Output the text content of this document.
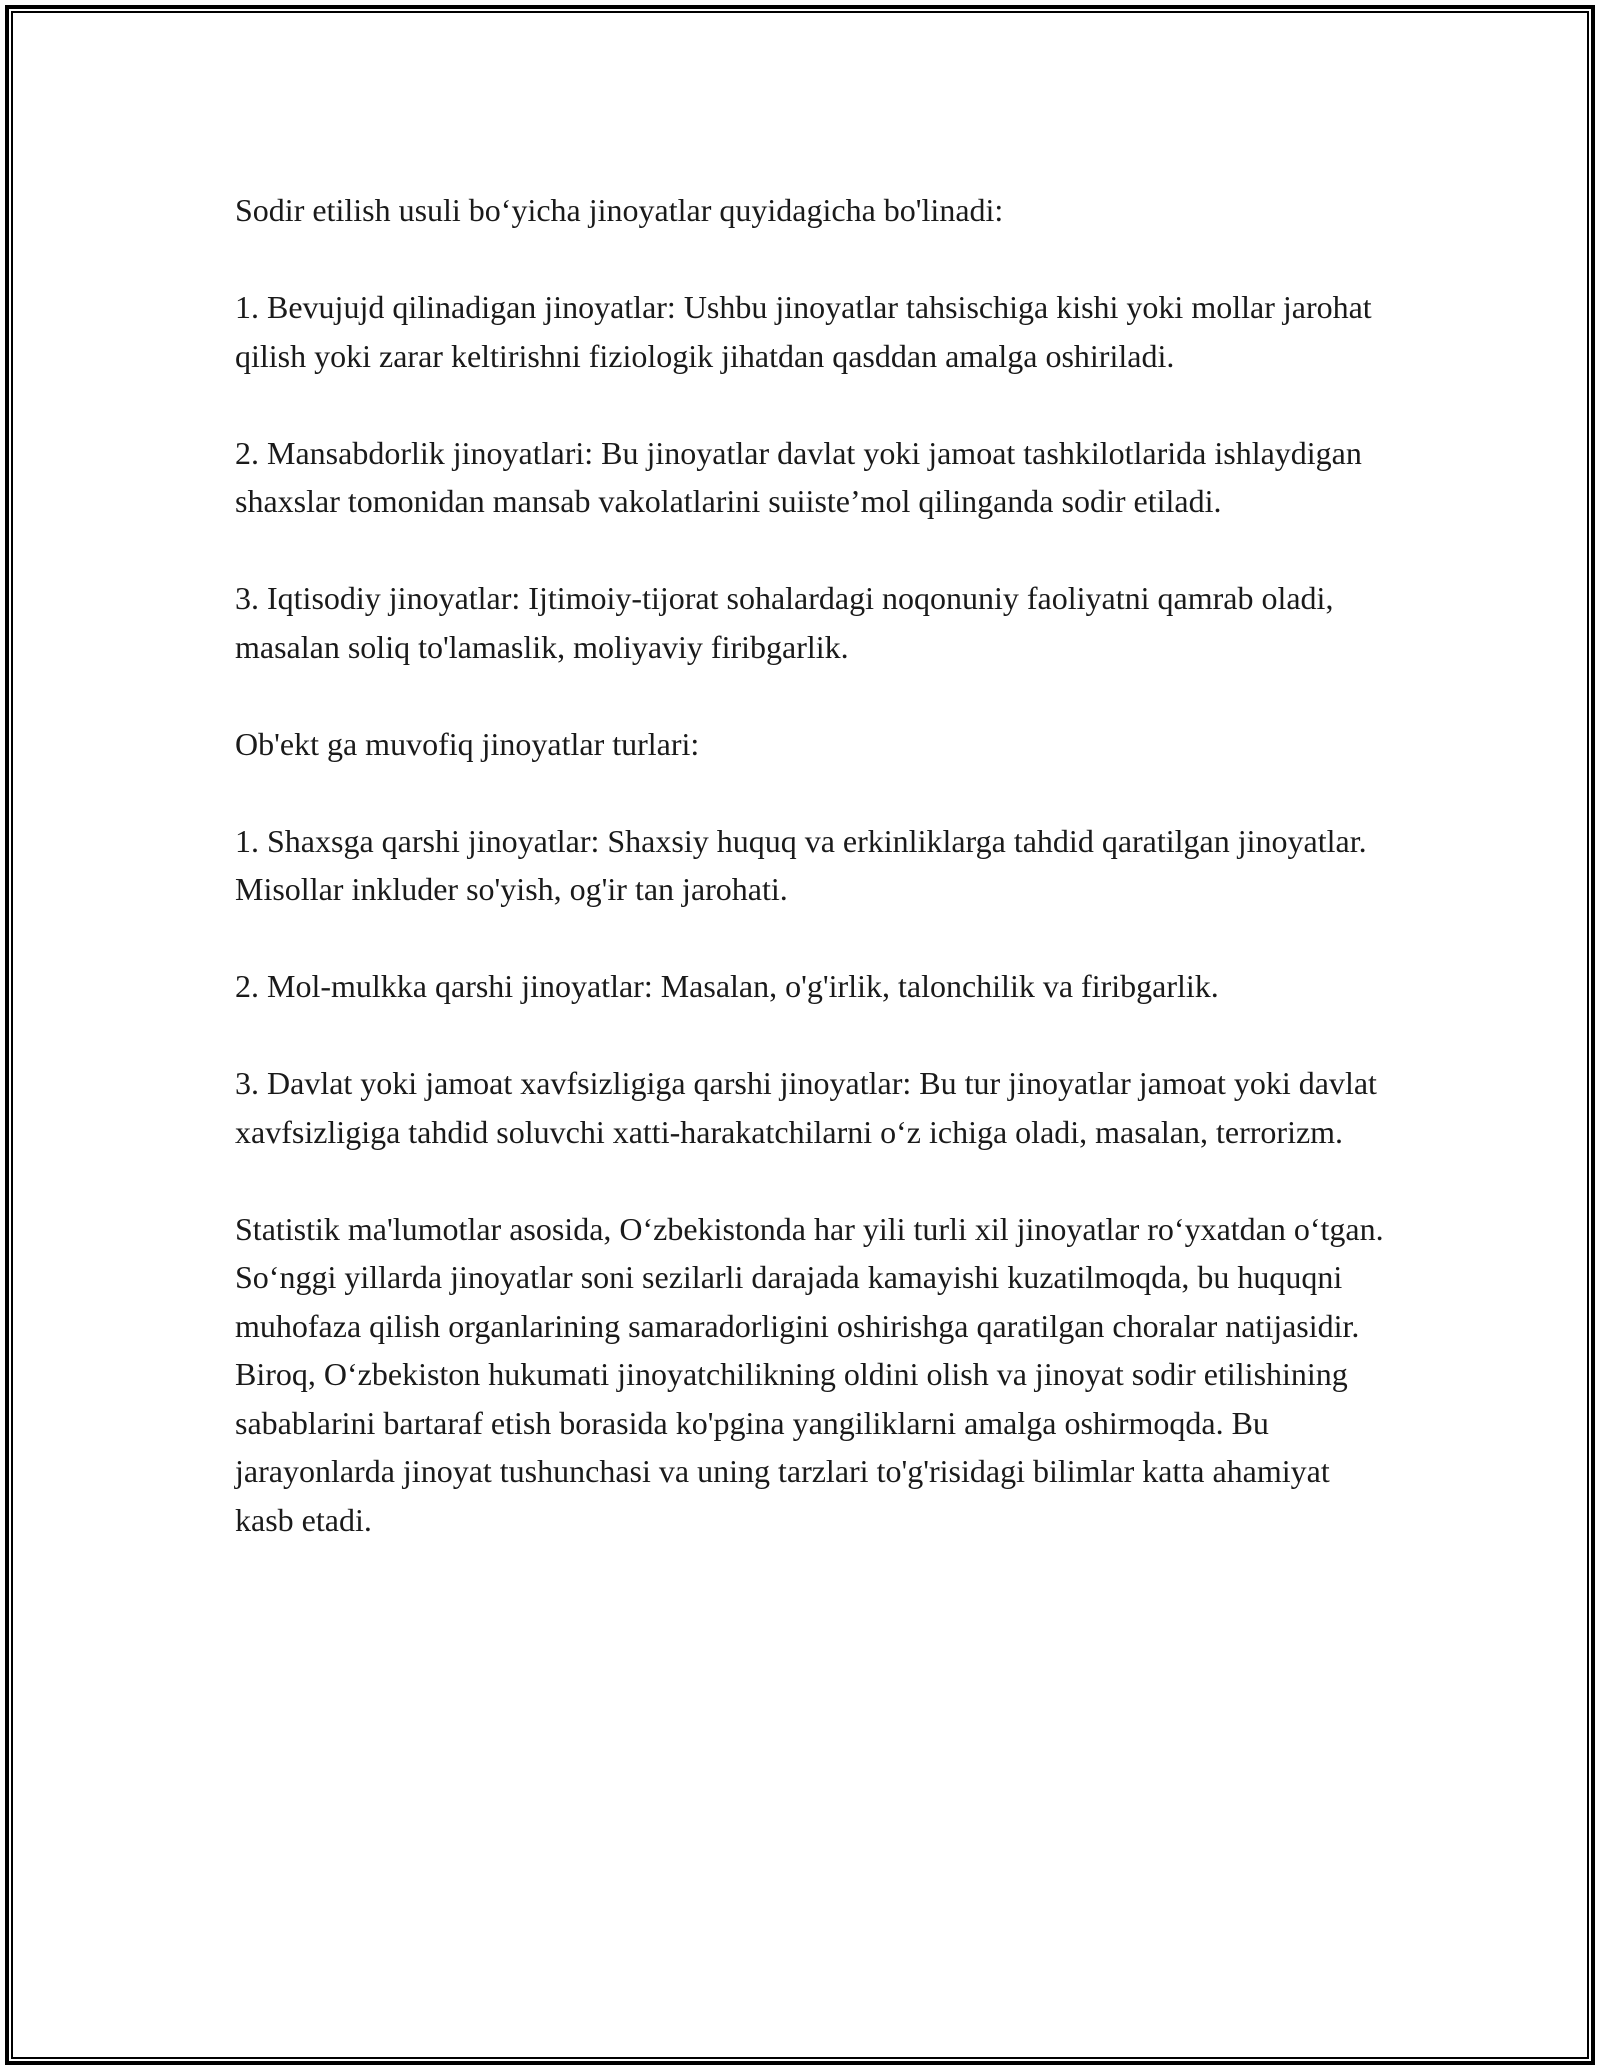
Sodir etilish usuli bo‘yicha jinoyatlar quyidagicha bo'linadi:

1. Bevujujd qilinadigan jinoyatlar: Ushbu jinoyatlar tahsischiga kishi yoki mollar jarohat qilish yoki zarar keltirishni fiziologik jihatdan qasddan amalga oshiriladi.

2. Mansabdorlik jinoyatlari: Bu jinoyatlar davlat yoki jamoat tashkilotlarida ishlaydigan shaxslar tomonidan mansab vakolatlarini suiiste’mol qilinganda sodir etiladi.

3. Iqtisodiy jinoyatlar: Ijtimoiy-tijorat sohalardagi noqonuniy faoliyatni qamrab oladi, masalan soliq to'lamaslik, moliyaviy firibgarlik.

Ob'ekt ga muvofiq jinoyatlar turlari:

1. Shaxsga qarshi jinoyatlar: Shaxsiy huquq va erkinliklarga tahdid qaratilgan jinoyatlar. Misollar inkluder so'yish, og'ir tan jarohati.

2. Mol-mulkka qarshi jinoyatlar: Masalan, o'g'irlik, talonchilik va firibgarlik.

3. Davlat yoki jamoat xavfsizligiga qarshi jinoyatlar: Bu tur jinoyatlar jamoat yoki davlat xavfsizligiga tahdid soluvchi xatti-harakatchilarni o‘z ichiga oladi, masalan, terrorizm.

Statistik ma'lumotlar asosida, O‘zbekistonda har yili turli xil jinoyatlar ro‘yxatdan o‘tgan. So‘nggi yillarda jinoyatlar soni sezilarli darajada kamayishi kuzatilmoqda, bu huquqni muhofaza qilish organlarining samaradorligini oshirishga qaratilgan choralar natijasidir. Biroq, O‘zbekiston hukumati jinoyatchilikning oldini olish va jinoyat sodir etilishining sabablarini bartaraf etish borasida ko'pgina yangiliklarni amalga oshirmoqda. Bu jarayonlarda jinoyat tushunchasi va uning tarzlari to'g'risidagi bilimlar katta ahamiyat kasb etadi.
